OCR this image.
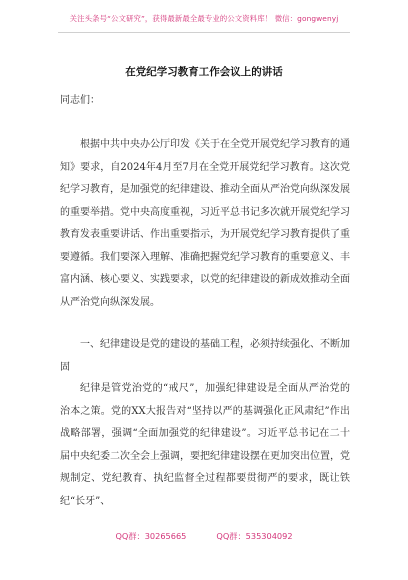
关注头条号“公文研究”，获得最新最全最专业的公文资料库！ 微信：gongwenyj
在党纪学习教育工作会议上的讲话

同志们：

根据中共中央办公厅印发《关于在全党开展党纪学习教育的通知》要求，自2024年4月至7月在全党开展党纪学习教育。这次党纪学习教育，是加强党的纪律建设、推动全面从严治党向纵深发展的重要举措。党中央高度重视，习近平总书记多次就开展党纪学习教育发表重要讲话、作出重要指示，为开展党纪学习教育提供了重要遵循。我们要深入理解、准确把握党纪学习教育的重要意义、丰富内涵、核心要义、实践要求，以党的纪律建设的新成效推动全面从严治党向纵深发展。

一、纪律建设是党的建设的基础工程，必须持续强化、不断加固

纪律是管党治党的“戒尺”，加强纪律建设是全面从严治党的治本之策。党的XX大报告对“坚持以严的基调强化正风肃纪”作出战略部署，强调“全面加强党的纪律建设”。习近平总书记在二十届中央纪委二次全会上强调，要把纪律建设摆在更加突出位置，党规制定、党纪教育、执纪监督全过程都要贯彻严的要求，既让铁纪“长牙”、

QQ群：30265665	QQ群：535304092
